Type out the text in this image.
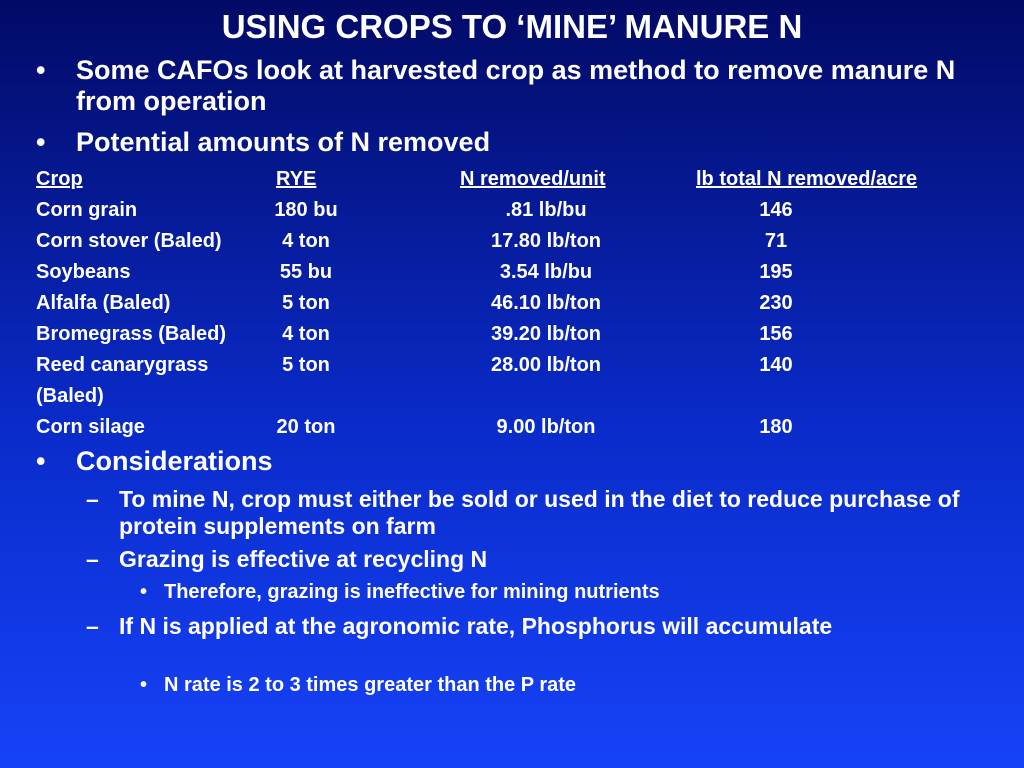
USING CROPS TO ‘MINE’ MANURE N
• Some CAFOs look at harvested crop as method to remove manure N from operation
• Potential amounts of N removed
Crop	RYE	N removed/unit	lb total N removed/acre
Corn grain	180 bu	.81 lb/bu	146
Corn stover (Baled)	4 ton	17.80 lb/ton	71
Soybeans	55 bu	3.54 lb/bu	195
Alfalfa (Baled)	5 ton	46.10 lb/ton	230
Bromegrass (Baled)	4 ton	39.20 lb/ton	156
Reed canarygrass	5 ton	28.00 lb/ton	140
(Baled)
Corn silage	20 ton	9.00 lb/ton	180
• Considerations
– To mine N, crop must either be sold or used in the diet to reduce purchase of protein supplements on farm
– Grazing is effective at recycling N
• Therefore, grazing is ineffective for mining nutrients
– If N is applied at the agronomic rate, Phosphorus will accumulate
• N rate is 2 to 3 times greater than the P rate
